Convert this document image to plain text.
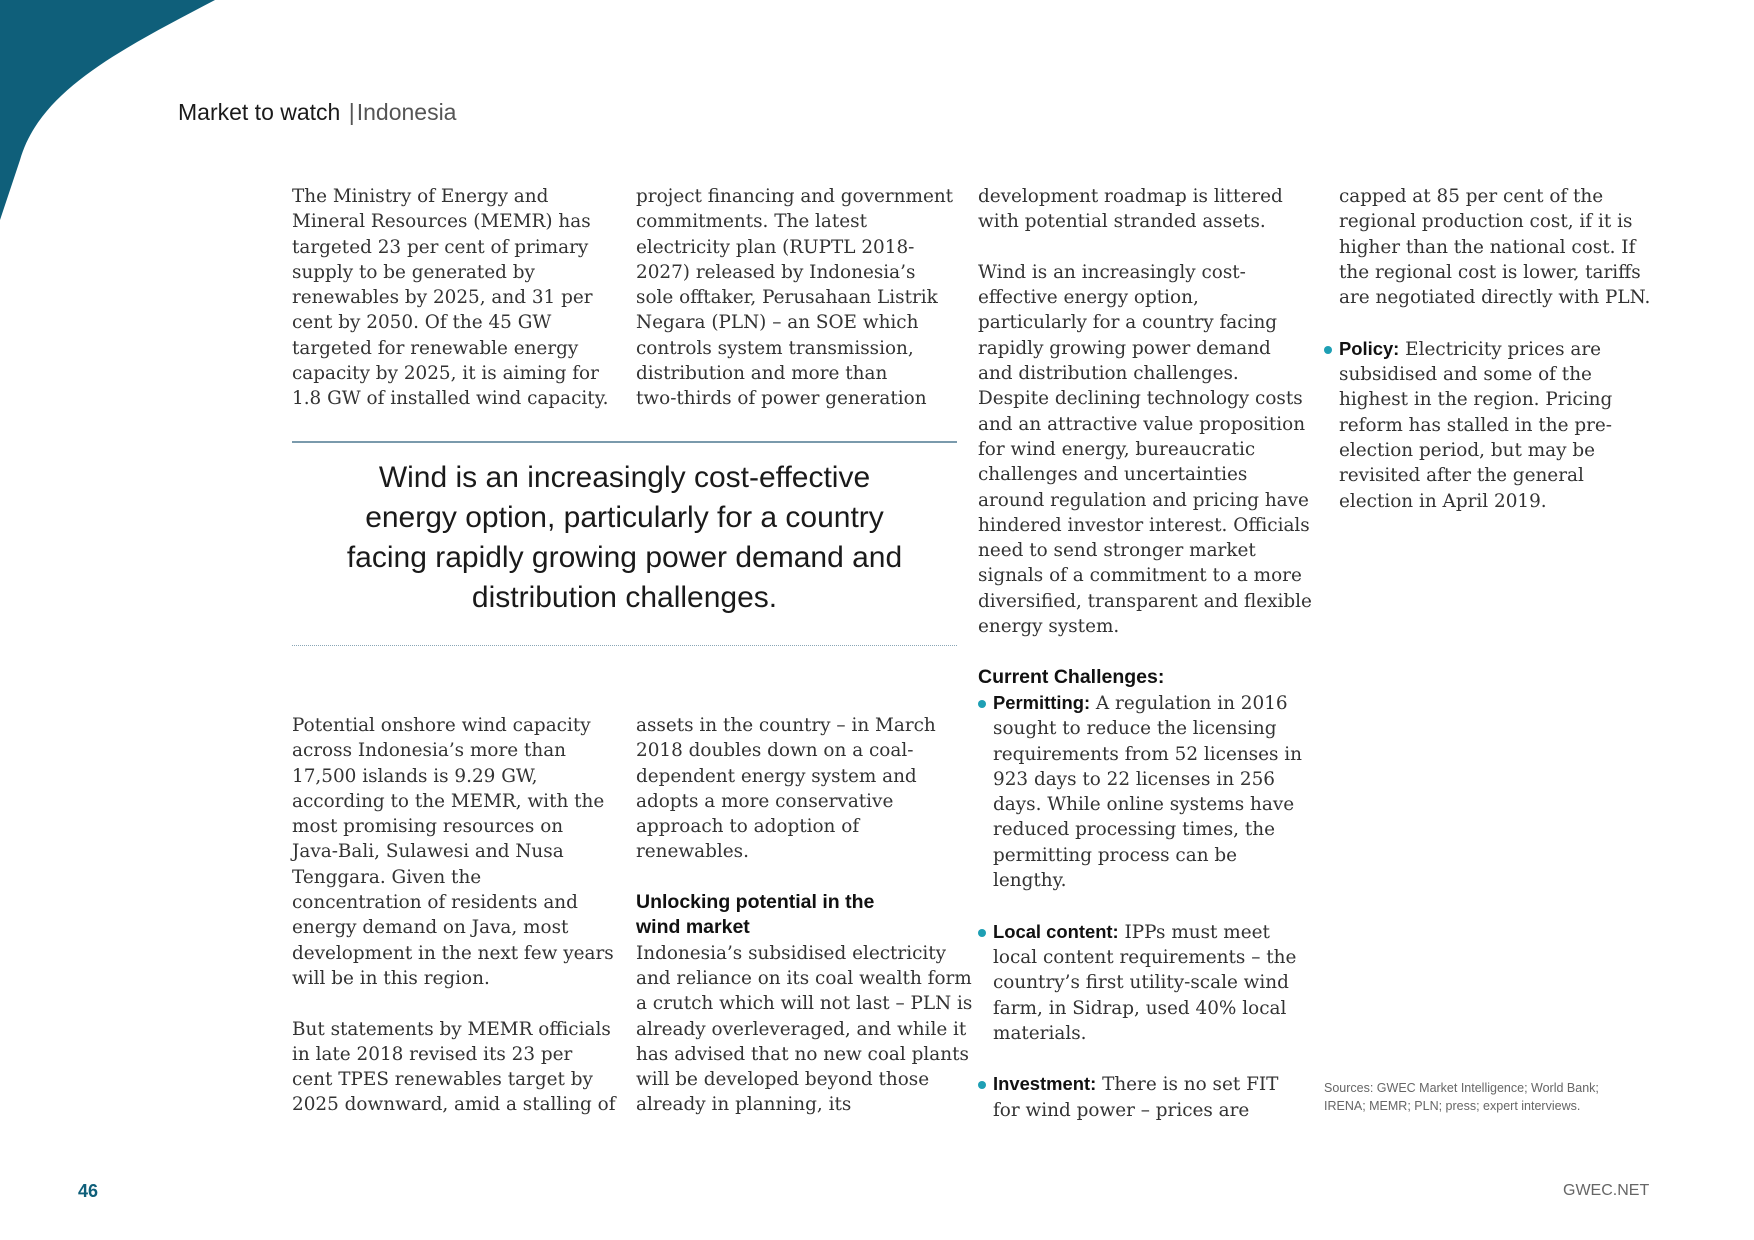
Market to watch |Indonesia
The Ministry of Energy and
Mineral Resources (MEMR) has
targeted 23 per cent of primary
supply to be generated by
renewables by 2025, and 31 per
cent by 2050. Of the 45 GW
targeted for renewable energy
capacity by 2025, it is aiming for
1.8 GW of installed wind capacity.
project financing and government
commitments. The latest
electricity plan (RUPTL 2018-
2027) released by Indonesia’s
sole offtaker, Perusahaan Listrik
Negara (PLN) – an SOE which
controls system transmission,
distribution and more than
two-thirds of power generation
Wind is an increasingly cost-effective
energy option, particularly for a country
facing rapidly growing power demand and
distribution challenges.
Potential onshore wind capacity
across Indonesia’s more than
17,500 islands is 9.29 GW,
according to the MEMR, with the
most promising resources on
Java-Bali, Sulawesi and Nusa
Tenggara. Given the
concentration of residents and
energy demand on Java, most
development in the next few years
will be in this region.
But statements by MEMR officials
in late 2018 revised its 23 per
cent TPES renewables target by
2025 downward, amid a stalling of
assets in the country – in March
2018 doubles down on a coal-
dependent energy system and
adopts a more conservative
approach to adoption of
renewables.
Unlocking potential in the
wind market
Indonesia’s subsidised electricity
and reliance on its coal wealth form
a crutch which will not last – PLN is
already overleveraged, and while it
has advised that no new coal plants
will be developed beyond those
already in planning, its
development roadmap is littered
with potential stranded assets.
Wind is an increasingly cost-
effective energy option,
particularly for a country facing
rapidly growing power demand
and distribution challenges.
Despite declining technology costs
and an attractive value proposition
for wind energy, bureaucratic
challenges and uncertainties
around regulation and pricing have
hindered investor interest. Officials
need to send stronger market
signals of a commitment to a more
diversified, transparent and flexible
energy system.
Current Challenges:
Permitting: A regulation in 2016
sought to reduce the licensing
requirements from 52 licenses in
923 days to 22 licenses in 256
days. While online systems have
reduced processing times, the
permitting process can be
lengthy.
Local content: IPPs must meet
local content requirements – the
country’s first utility-scale wind
farm, in Sidrap, used 40% local
materials.
Investment: There is no set FIT
for wind power – prices are
capped at 85 per cent of the
regional production cost, if it is
higher than the national cost. If
the regional cost is lower, tariffs
are negotiated directly with PLN.
Policy: Electricity prices are
subsidised and some of the
highest in the region. Pricing
reform has stalled in the pre-
election period, but may be
revisited after the general
election in April 2019.
Sources: GWEC Market Intelligence; World Bank;
IRENA; MEMR; PLN; press; expert interviews.
46	GWEC.NET
